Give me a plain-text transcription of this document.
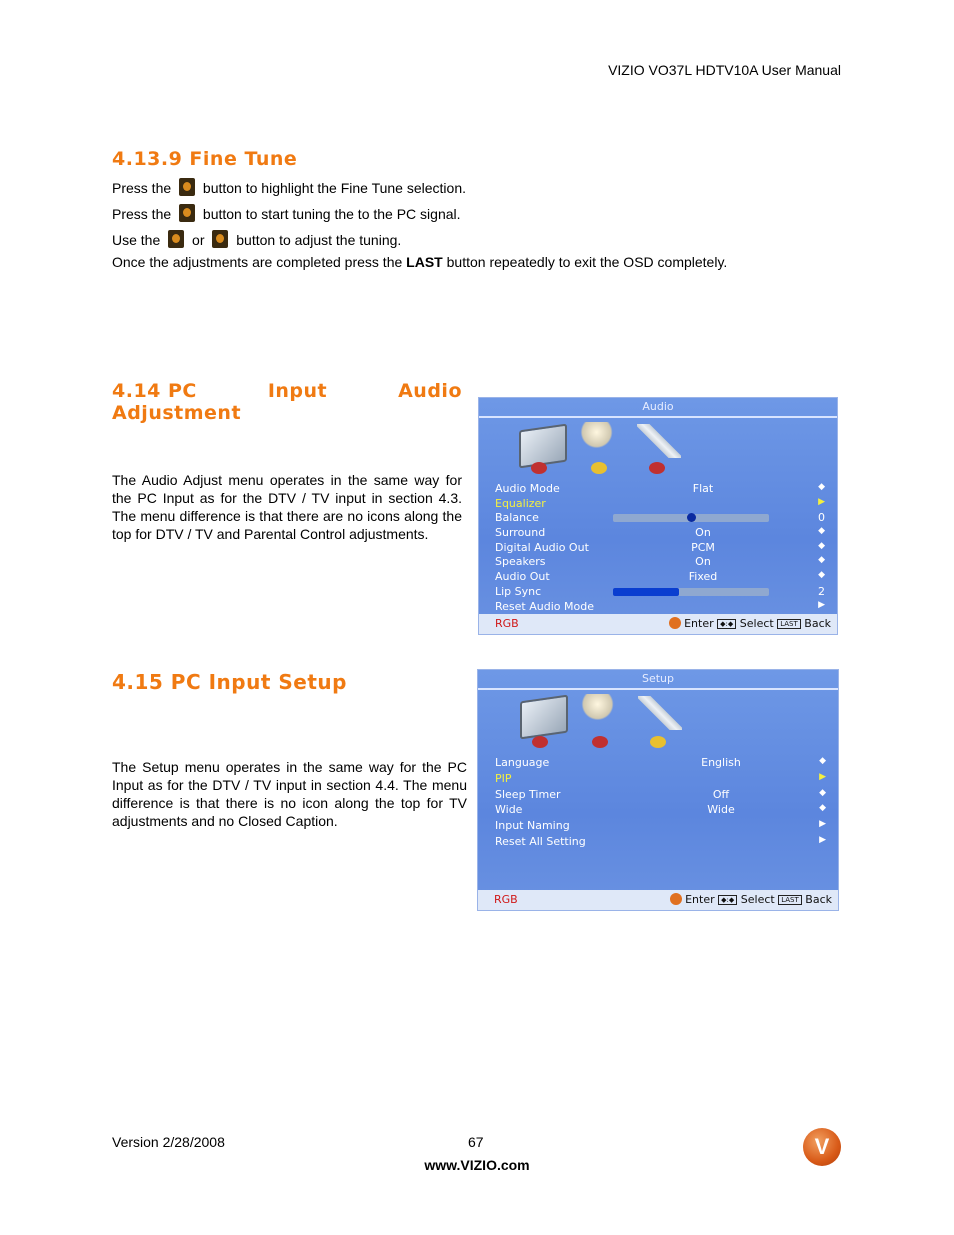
VIZIO VO37L HDTV10A User Manual
4.13.9 Fine Tune
Press the button to highlight the Fine Tune selection.
Press the button to start tuning the to the PC signal.
Use the or button to adjust the tuning.
Once the adjustments are completed press the LAST button repeatedly to exit the OSD completely.
4.14 PC	Input	Audio
Adjustment
The Audio Adjust menu operates in the same way for the PC Input as for the DTV / TV input in section 4.3. The menu difference is that there are no icons along the top for DTV / TV and Parental Control adjustments.
Audio
Audio Mode	Flat	◆
Equalizer	▶
Balance	0
Surround	On	◆
Digital Audio Out	PCM	◆
Speakers	On	◆
Audio Out	Fixed	◆
Lip Sync	2
Reset Audio Mode	▶
RGB	Enter ◆:◆ Select LAST Back
4.15 PC Input Setup
The Setup menu operates in the same way for the PC Input as for the DTV / TV input in section 4.4. The menu difference is that there is no icon along the top for TV adjustments and no Closed Caption.
Setup
Language	English	◆
PIP	▶
Sleep Timer	Off	◆
Wide	Wide	◆
Input Naming	▶
Reset All Setting	▶
RGB	Enter ◆:◆ Select LAST Back
Version 2/28/2008	67
www.VIZIO.com
V
